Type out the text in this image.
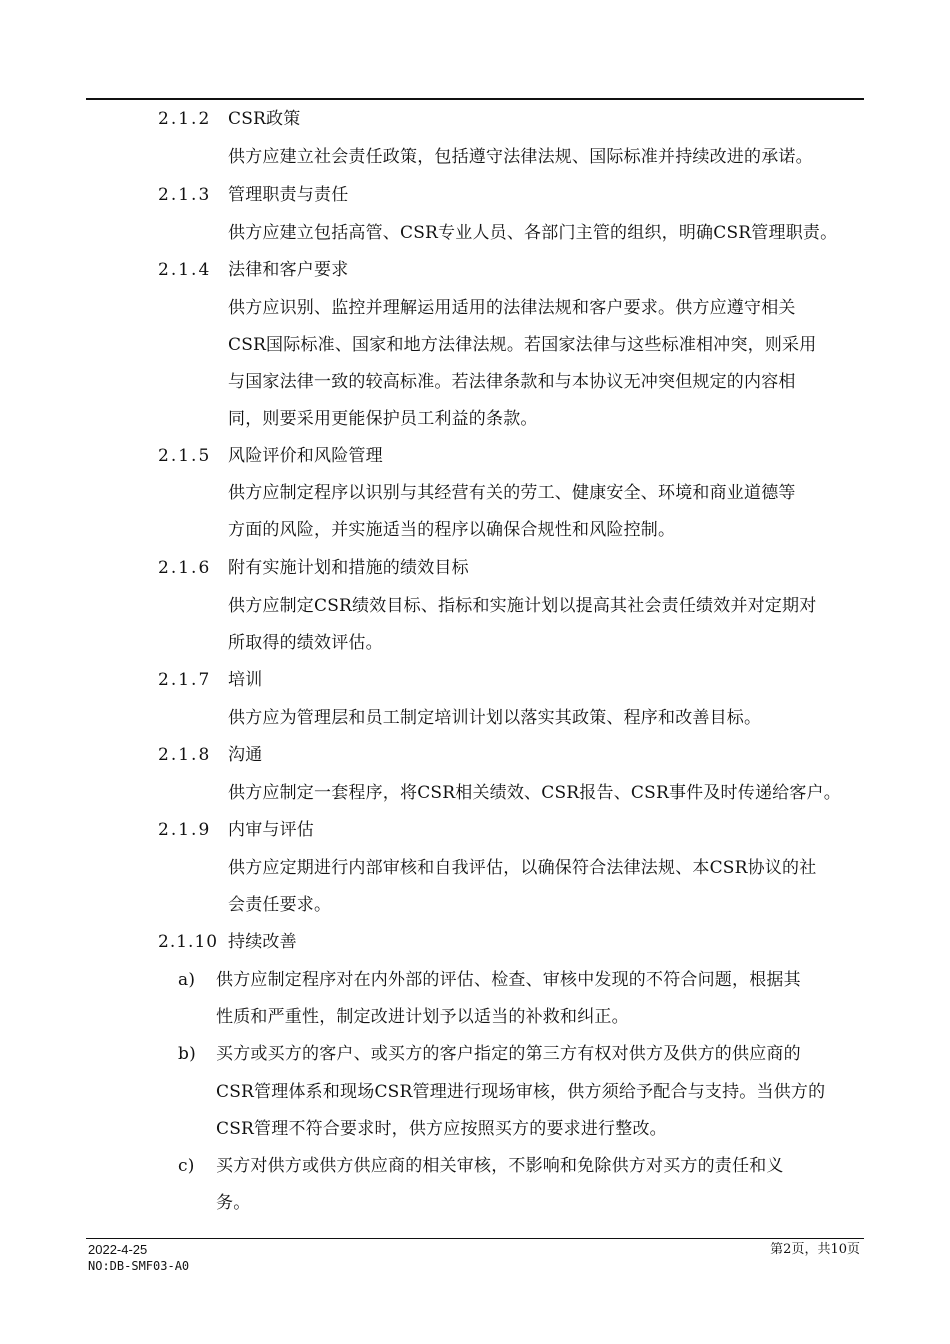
2.1.2 CSR政策
供方应建立社会责任政策，包括遵守法律法规、国际标准并持续改进的承诺。
2.1.3 管理职责与责任
供方应建立包括高管、CSR专业人员、各部门主管的组织，明确CSR管理职责。
2.1.4 法律和客户要求
供方应识别、监控并理解运用适用的法律法规和客户要求。供方应遵守相关
CSR国际标准、国家和地方法律法规。若国家法律与这些标准相冲突，则采用
与国家法律一致的较高标准。若法律条款和与本协议无冲突但规定的内容相
同，则要采用更能保护员工利益的条款。
2.1.5 风险评价和风险管理
供方应制定程序以识别与其经营有关的劳工、健康安全、环境和商业道德等
方面的风险，并实施适当的程序以确保合规性和风险控制。
2.1.6 附有实施计划和措施的绩效目标
供方应制定CSR绩效目标、指标和实施计划以提高其社会责任绩效并对定期对
所取得的绩效评估。
2.1.7 培训
供方应为管理层和员工制定培训计划以落实其政策、程序和改善目标。
2.1.8 沟通
供方应制定一套程序，将CSR相关绩效、CSR报告、CSR事件及时传递给客户。
2.1.9 内审与评估
供方应定期进行内部审核和自我评估，以确保符合法律法规、本CSR协议的社
会责任要求。
2.1.10 持续改善
a) 供方应制定程序对在内外部的评估、检查、审核中发现的不符合问题，根据其
性质和严重性，制定改进计划予以适当的补救和纠正。
b) 买方或买方的客户、或买方的客户指定的第三方有权对供方及供方的供应商的
CSR管理体系和现场CSR管理进行现场审核，供方须给予配合与支持。当供方的
CSR管理不符合要求时，供方应按照买方的要求进行整改。
c) 买方对供方或供方供应商的相关审核，不影响和免除供方对买方的责任和义
务。
2022-4-25	第2页，共10页
NO:DB-SMF03-A0
